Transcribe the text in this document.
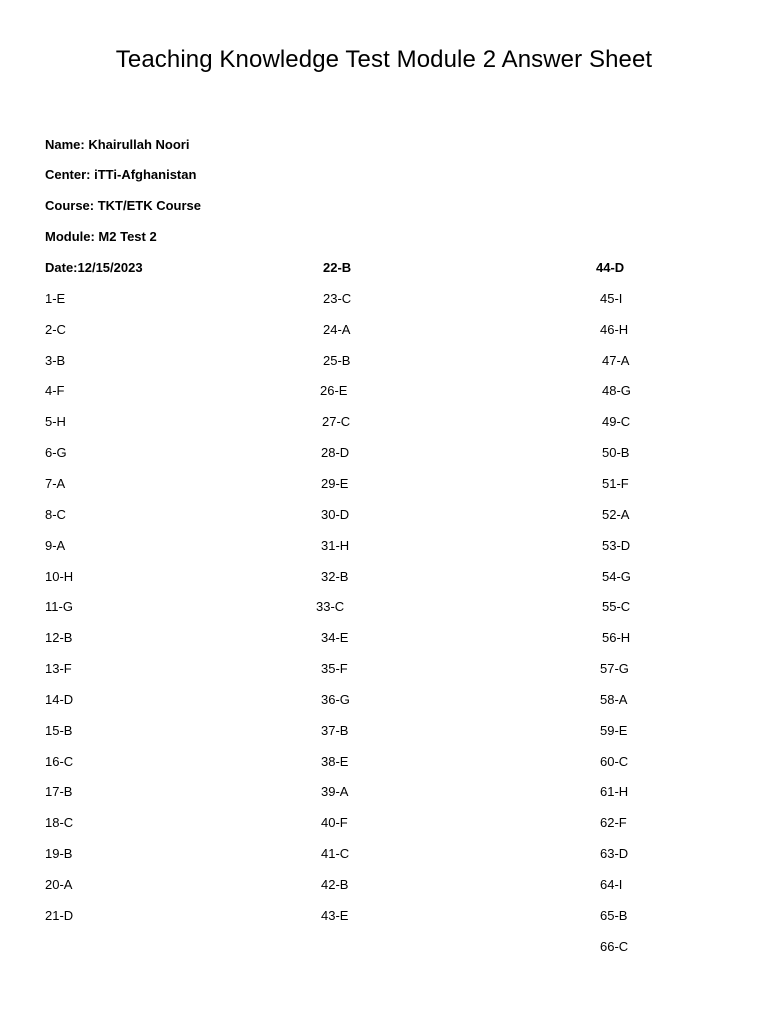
Teaching Knowledge Test Module 2 Answer Sheet
Name: Khairullah Noori
Center: iTTi-Afghanistan
Course: TKT/ETK Course
Module: M2 Test 2
Date:12/15/2023
1-E
2-C
3-B
4-F
5-H
6-G
7-A
8-C
9-A
10-H
11-G
12-B
13-F
14-D
15-B
16-C
17-B
18-C
19-B
20-A
21-D
22-B
23-C
24-A
25-B
26-E
27-C
28-D
29-E
30-D
31-H
32-B
33-C
34-E
35-F
36-G
37-B
38-E
39-A
40-F
41-C
42-B
43-E
44-D
45-I
46-H
47-A
48-G
49-C
50-B
51-F
52-A
53-D
54-G
55-C
56-H
57-G
58-A
59-E
60-C
61-H
62-F
63-D
64-I
65-B
66-C
